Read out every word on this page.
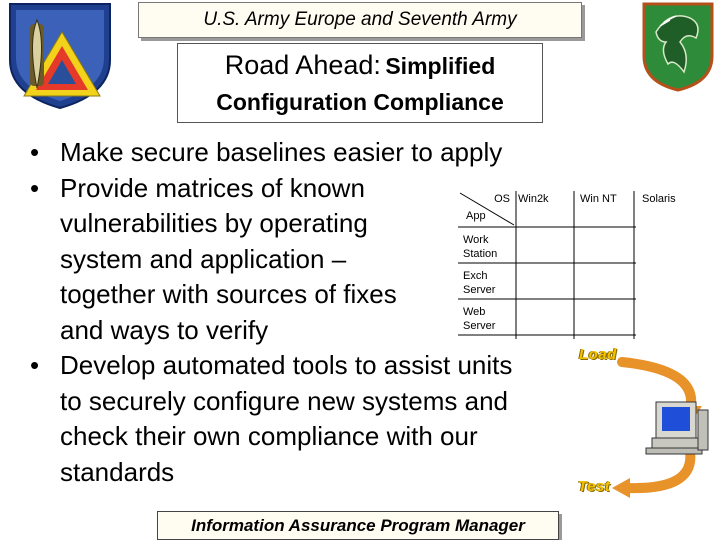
U.S. Army Europe and Seventh Army
Road Ahead: Simplified
Configuration Compliance
• Make secure baselines easier to apply
• Provide matrices of known
vulnerabilities by operating
system and application –
together with sources of fixes
and ways to verify
• Develop automated tools to assist units
to securely configure new systems and
check their own compliance with our
standards
OS
App
Win2k	Win NT Solaris
Work Station
Exch Server
Web Server
Load
Test
Information Assurance Program Manager
